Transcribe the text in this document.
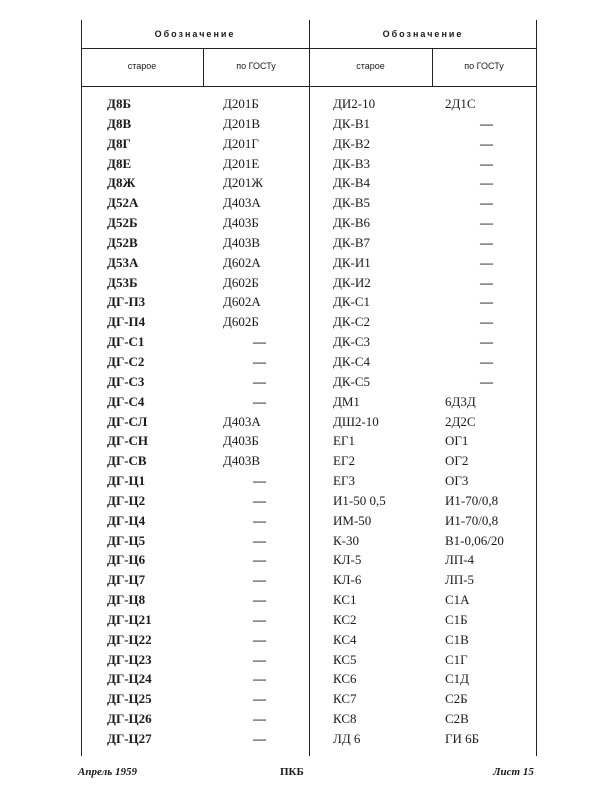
Обозначение	Обозначение
старое	по ГОСТу	старое	по ГОСТу
Д8Б	Д201Б	ДИ2-10	2Д1С
Д8В	Д201В	ДК-В1	—
Д8Г	Д201Г	ДК-В2	—
Д8Е	Д201Е	ДК-В3	—
Д8Ж	Д201Ж	ДК-В4	—
Д52А	Д403А	ДК-В5	—
Д52Б	Д403Б	ДК-В6	—
Д52В	Д403В	ДК-В7	—
Д53А	Д602А	ДК-И1	—
Д53Б	Д602Б	ДК-И2	—
ДГ-П3	Д602А	ДК-С1	—
ДГ-П4	Д602Б	ДК-С2	—
ДГ-С1	—	ДК-С3	—
ДГ-С2	—	ДК-С4	—
ДГ-С3	—	ДК-С5	—
ДГ-С4	—	ДМ1	6Д3Д
ДГ-СЛ	Д403А	ДШ2-10	2Д2С
ДГ-СН	Д403Б	ЕГ1	ОГ1
ДГ-СВ	Д403В	ЕГ2	ОГ2
ДГ-Ц1	—	ЕГ3	ОГ3
ДГ-Ц2	—	И1-50 0,5	И1-70/0,8
ДГ-Ц4	—	ИМ-50	И1-70/0,8
ДГ-Ц5	—	К-30	В1-0,06/20
ДГ-Ц6	—	КЛ-5	ЛП-4
ДГ-Ц7	—	КЛ-6	ЛП-5
ДГ-Ц8	—	КС1	С1А
ДГ-Ц21	—	КС2	С1Б
ДГ-Ц22	—	КС4	С1В
ДГ-Ц23	—	КС5	С1Г
ДГ-Ц24	—	КС6	С1Д
ДГ-Ц25	—	КС7	С2Б
ДГ-Ц26	—	КС8	С2В
ДГ-Ц27	—	ЛД 6	ГИ 6Б
Апрель 1959	ПКБ	Лист 15
